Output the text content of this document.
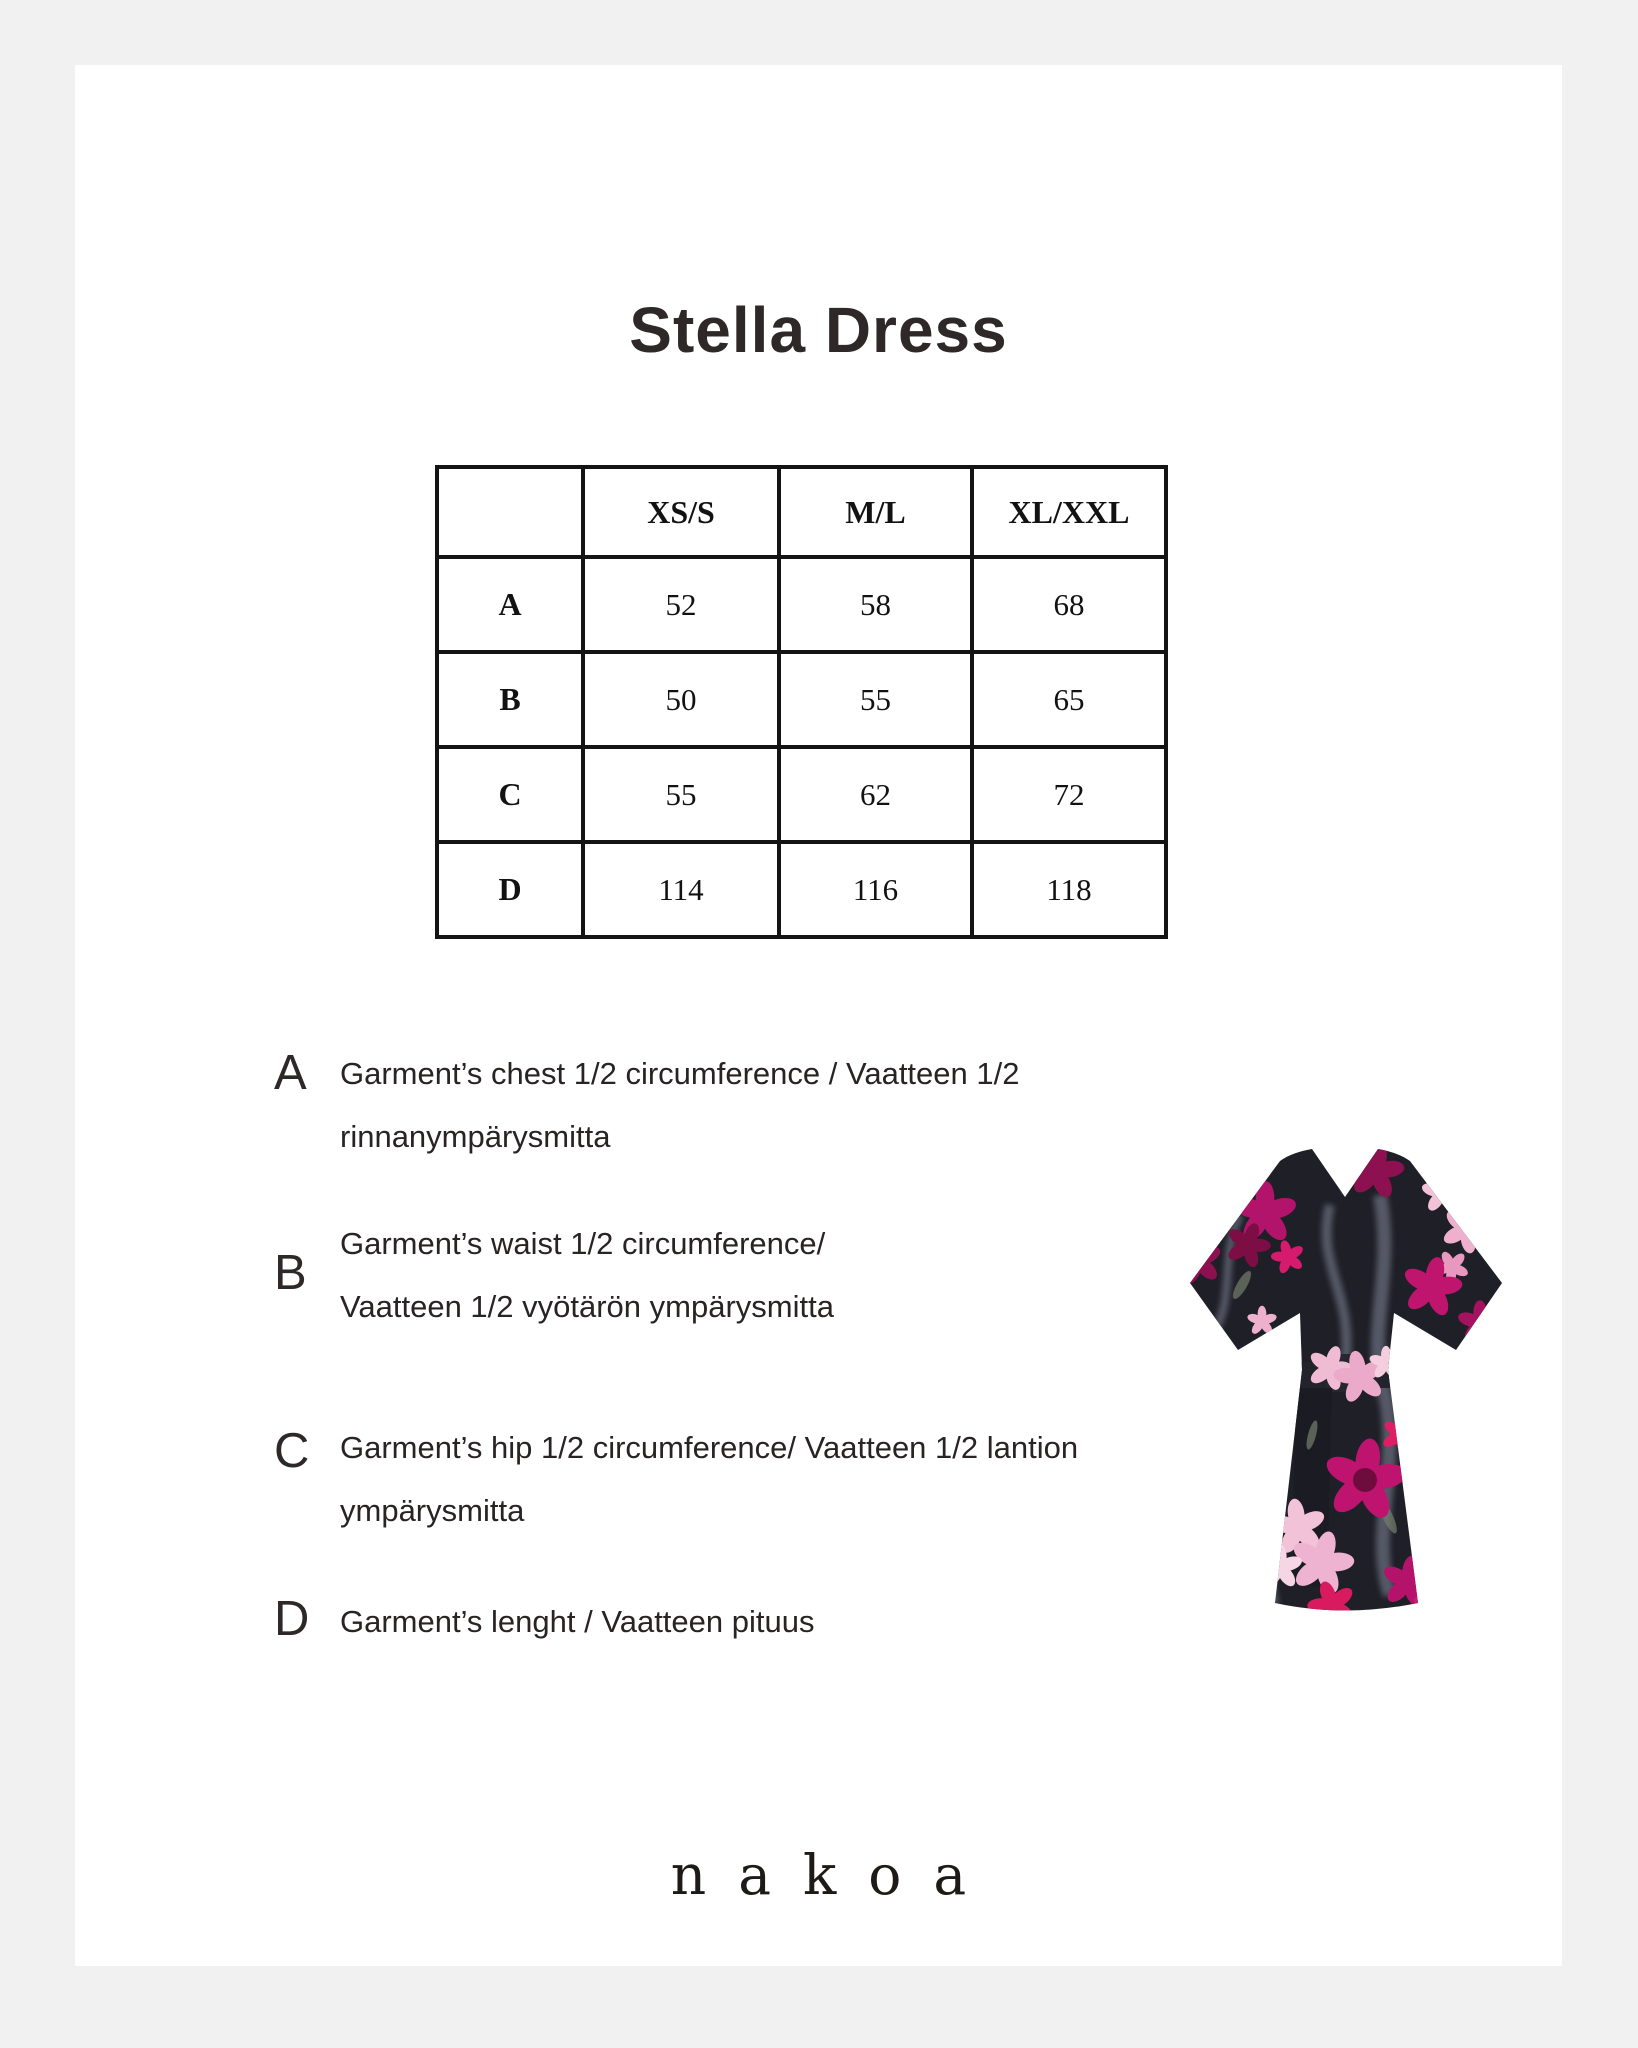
Stella Dress
	XS/S	M/L	XL/XXL
A	52	58	68
B	50	55	65
C	55	62	72
D	114	116	118
A	Garment’s chest 1/2 circumference / Vaatteen 1/2
rinnanympärysmitta
B
Garment’s waist 1/2 circumference/
Vaatteen 1/2 vyötärön ympärysmitta
C Garment’s hip 1/2 circumference/ Vaatteen 1/2 lantion
ympärysmitta
D Garment’s lenght / Vaatteen pituus
nakoa
